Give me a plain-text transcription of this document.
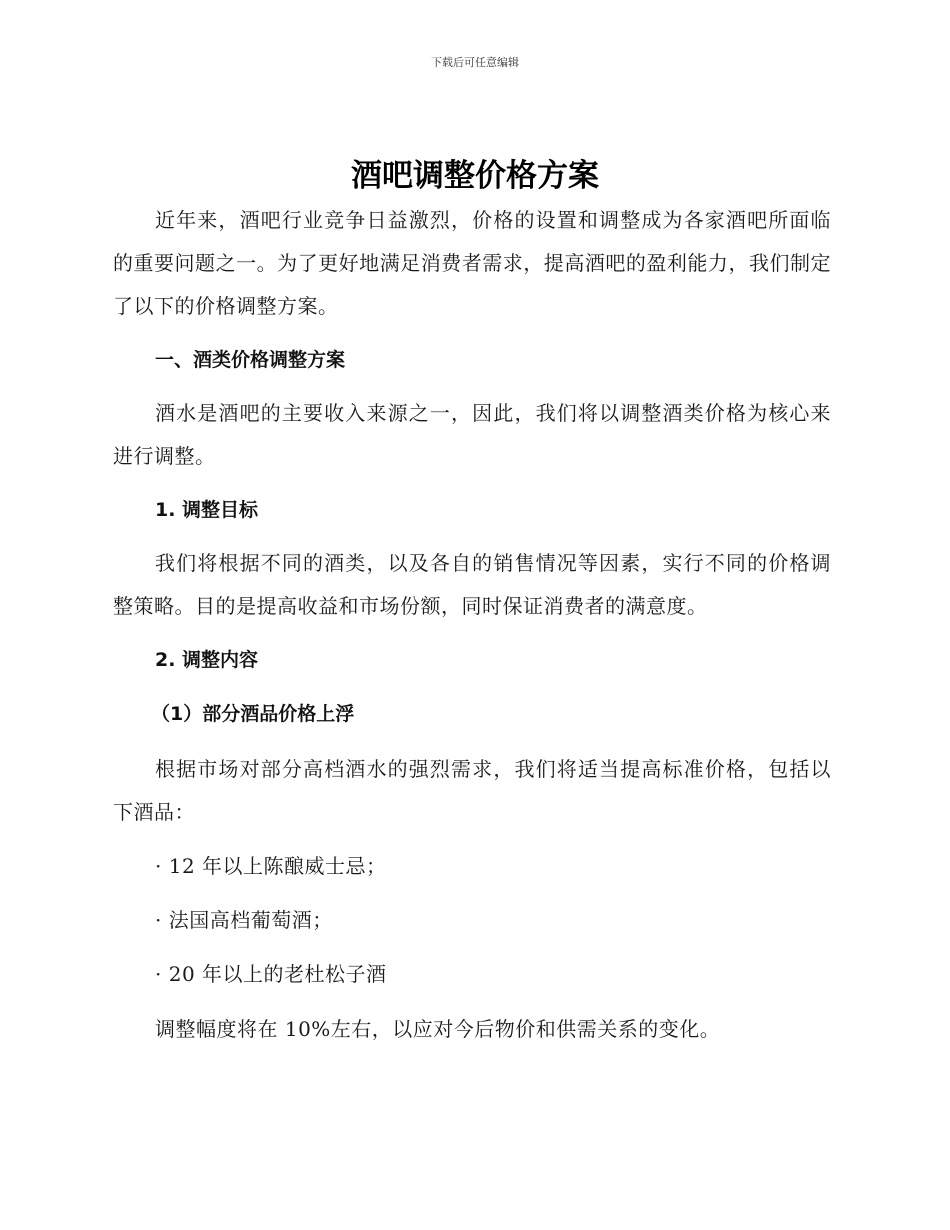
下载后可任意编辑
酒吧调整价格方案

近年来，酒吧行业竞争日益激烈，价格的设置和调整成为各家酒吧所面临的重要问题之一。为了更好地满足消费者需求，提高酒吧的盈利能力，我们制定了以下的价格调整方案。

一、酒类价格调整方案

酒水是酒吧的主要收入来源之一，因此，我们将以调整酒类价格为核心来进行调整。

1. 调整目标

我们将根据不同的酒类，以及各自的销售情况等因素，实行不同的价格调整策略。目的是提高收益和市场份额，同时保证消费者的满意度。

2. 调整内容

（1）部分酒品价格上浮

根据市场对部分高档酒水的强烈需求，我们将适当提高标准价格，包括以下酒品：

· 12 年以上陈酿威士忌；

· 法国高档葡萄酒；

· 20 年以上的老杜松子酒

调整幅度将在 10%左右，以应对今后物价和供需关系的变化。
